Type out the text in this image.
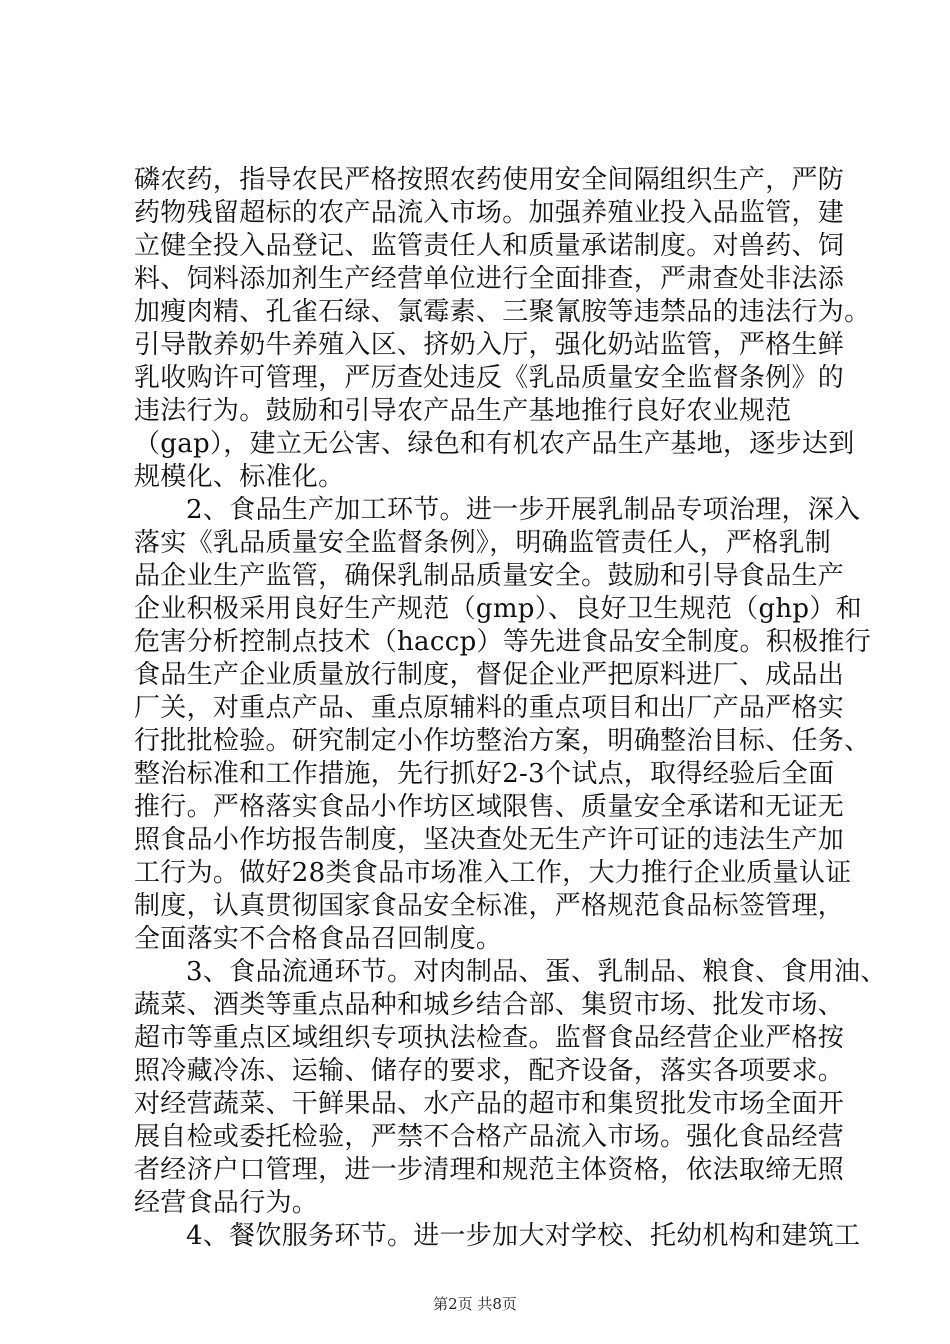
磷农药，指导农民严格按照农药使用安全间隔组织生产，严防
药物残留超标的农产品流入市场。加强养殖业投入品监管，建
立健全投入品登记、监管责任人和质量承诺制度。对兽药、饲
料、饲料添加剂生产经营单位进行全面排查，严肃查处非法添
加瘦肉精、孔雀石绿、氯霉素、三聚氰胺等违禁品的违法行为。
引导散养奶牛养殖入区、挤奶入厅，强化奶站监管，严格生鲜
乳收购许可管理，严厉查处违反《乳品质量安全监督条例》的
违法行为。鼓励和引导农产品生产基地推行良好农业规范
（gap），建立无公害、绿色和有机农产品生产基地，逐步达到
规模化、标准化。
2、食品生产加工环节。进一步开展乳制品专项治理，深入
落实《乳品质量安全监督条例》，明确监管责任人，严格乳制
品企业生产监管，确保乳制品质量安全。鼓励和引导食品生产
企业积极采用良好生产规范（gmp）、良好卫生规范（ghp）和
危害分析控制点技术（haccp）等先进食品安全制度。积极推行
食品生产企业质量放行制度，督促企业严把原料进厂、成品出
厂关，对重点产品、重点原辅料的重点项目和出厂产品严格实
行批批检验。研究制定小作坊整治方案，明确整治目标、任务、
整治标准和工作措施，先行抓好2-3个试点，取得经验后全面
推行。严格落实食品小作坊区域限售、质量安全承诺和无证无
照食品小作坊报告制度，坚决查处无生产许可证的违法生产加
工行为。做好28类食品市场准入工作，大力推行企业质量认证
制度，认真贯彻国家食品安全标准，严格规范食品标签管理，
全面落实不合格食品召回制度。
3、食品流通环节。对肉制品、蛋、乳制品、粮食、食用油、
蔬菜、酒类等重点品种和城乡结合部、集贸市场、批发市场、
超市等重点区域组织专项执法检查。监督食品经营企业严格按
照冷藏冷冻、运输、储存的要求，配齐设备，落实各项要求。
对经营蔬菜、干鲜果品、水产品的超市和集贸批发市场全面开
展自检或委托检验，严禁不合格产品流入市场。强化食品经营
者经济户口管理，进一步清理和规范主体资格，依法取缔无照
经营食品行为。
4、餐饮服务环节。进一步加大对学校、托幼机构和建筑工
第2页 共8页
